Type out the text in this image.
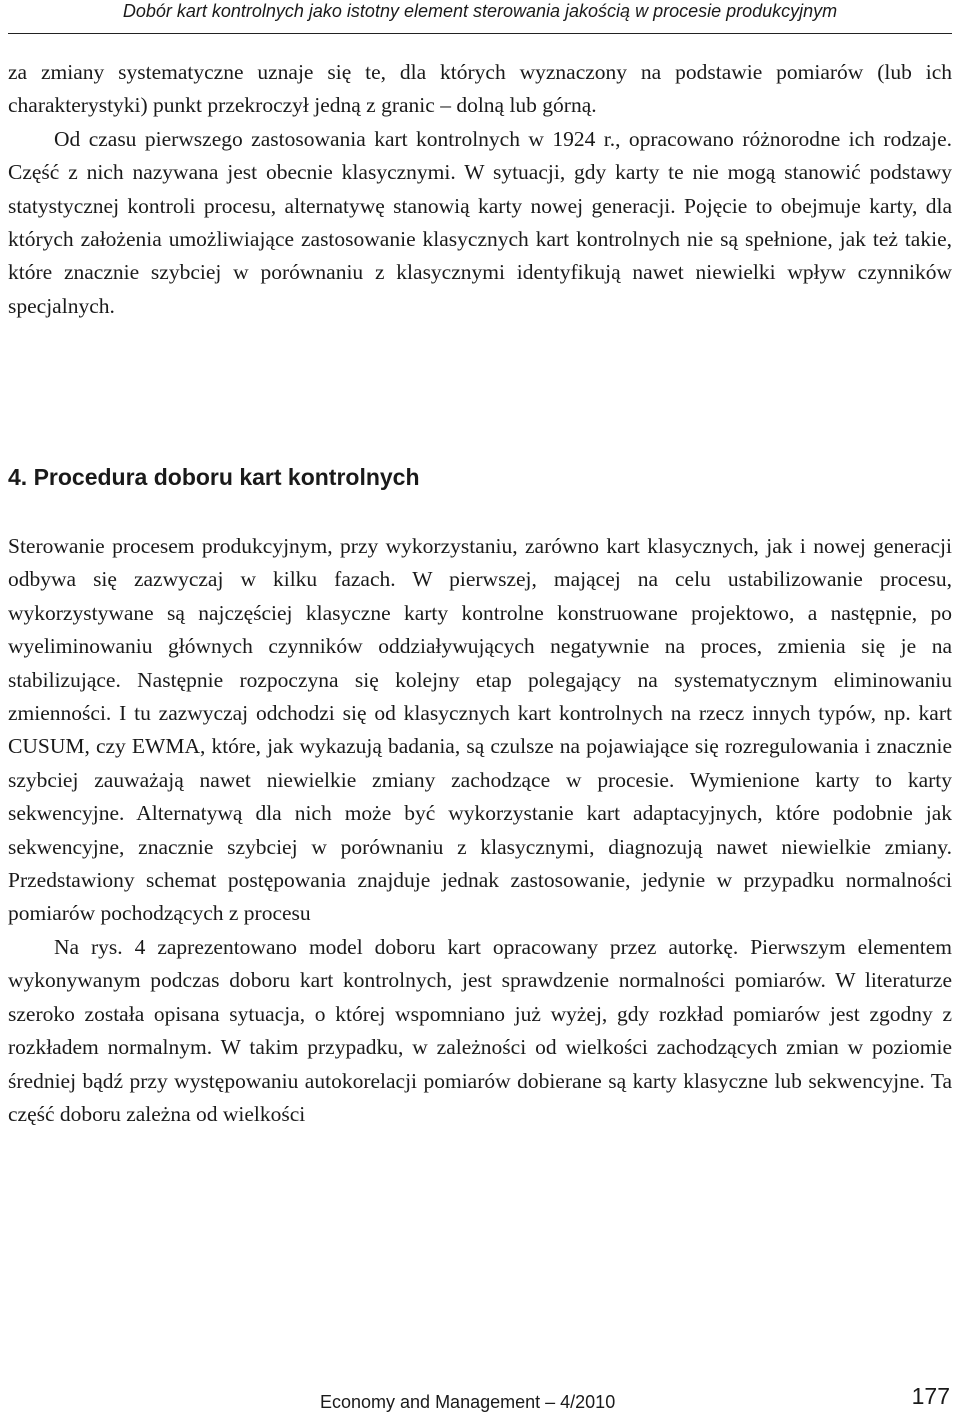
Dobór kart kontrolnych jako istotny element sterowania jakością w procesie produkcyjnym

za zmiany systematyczne uznaje się te, dla których wyznaczony na podstawie pomiarów (lub ich charakterystyki) punkt przekroczył jedną z granic – dolną lub górną.

Od czasu pierwszego zastosowania kart kontrolnych w 1924 r., opracowano różnorodne ich rodzaje. Część z nich nazywana jest obecnie klasycznymi. W sytuacji, gdy karty te nie mogą stanowić podstawy statystycznej kontroli procesu, alternatywę stanowią karty nowej generacji. Pojęcie to obejmuje karty, dla których założenia umożliwiające zastosowanie klasycznych kart kontrolnych nie są spełnione, jak też takie, które znacznie szybciej w porównaniu z klasycznymi identyfikują nawet niewielki wpływ czynników specjalnych.

4. Procedura doboru kart kontrolnych

Sterowanie procesem produkcyjnym, przy wykorzystaniu, zarówno kart klasycznych, jak i nowej generacji odbywa się zazwyczaj w kilku fazach. W pierwszej, mającej na celu ustabilizowanie procesu, wykorzystywane są najczęściej klasyczne karty kontrolne konstruowane projektowo, a następnie, po wyeliminowaniu głównych czynników oddziaływujących negatywnie na proces, zmienia się je na stabilizujące. Następnie rozpoczyna się kolejny etap polegający na systematycznym eliminowaniu zmienności. I tu zazwyczaj odchodzi się od klasycznych kart kontrolnych na rzecz innych typów, np. kart CUSUM, czy EWMA, które, jak wykazują badania, są czulsze na pojawiające się rozregulowania i znacznie szybciej zauważają nawet niewielkie zmiany zachodzące w procesie. Wymienione karty to karty sekwencyjne. Alternatywą dla nich może być wykorzystanie kart adaptacyjnych, które podobnie jak sekwencyjne, znacznie szybciej w porównaniu z klasycznymi, diagnozują nawet niewielkie zmiany. Przedstawiony schemat postępowania znajduje jednak zastosowanie, jedynie w przypadku normalności pomiarów pochodzących z procesu

Na rys. 4 zaprezentowano model doboru kart opracowany przez autorkę. Pierwszym elementem wykonywanym podczas doboru kart kontrolnych, jest sprawdzenie normalności pomiarów. W literaturze szeroko została opisana sytuacja, o której wspomniano już wyżej, gdy rozkład pomiarów jest zgodny z rozkładem normalnym. W takim przypadku, w zależności od wielkości zachodzących zmian w poziomie średniej bądź przy występowaniu autokorelacji pomiarów dobierane są karty klasyczne lub sekwencyjne. Ta część doboru zależna od wielkości

Economy and Management – 4/2010	177
